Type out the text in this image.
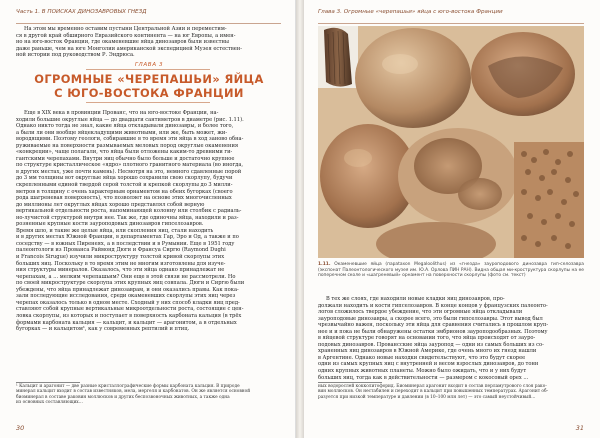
Часть 1. В ПОИСКАХ ДИНОЗАВРОВЫХ ГНЕЗД
На этом мы временно оставим пустыни Центральной Азии и переместим-
ся в другой край обширного Евразийского континента — на юг Европы, а имен-
но на юго-восток Франции, где окаменевшие яйца динозавров были известны
даже раньше, чем на юге Монголии американской экспедицией Музея естествен-
ной истории под руководством Р. Эндрюса.
ГЛАВА 3
ОГРОМНЫЕ «ЧЕРЕПАШЬИ» ЯЙЦА
С ЮГО-ВОСТОКА ФРАНЦИИ
Еще в XIX века в провинции Прованс, что на юго-востоке Франции, на-
ходили большие округлые яйца — до двадцати сантиметров в диаметре (рис. 1.11).
Однако никто тогда не знал, какие яйца откладывали динозавры, и более того,
а были ли они вообще яйцекладущими животными, или же, быть может, жи-
вородящими. Поэтому геологи, собиравшие в то время эти яйца в ход заново обна-
руживаемые на поверхности размываемых меловых пород округлые окаменения
«конкреции», чаще полагали, что яйца были отложены каким-то древними ги-
гантскими черепахами. Внутри яиц обычно было больше и достаточно крупное
по структуре кристаллическое «ядро» плотного гранитного материала (во иногда,
в других местах, уже почти камень). Несмотря на это, немного сдавленные порой
до 3 мм толщины вот округлые яйца хорошо сохранили свою скорлупу, будучи
скрепленными единой твердой серой толстой и крепкой скорлупы до 3 милли-
метров в толщину с очень характерным орнаментом на обеих бугорках (своего
рода шагреневая поверхность), что позволяет на основе этих многочисленных
до миллионы лет округлых яйцах хорошо представлял собой верную
вертикальной отдельности роста, напоминающей колонну или столбик с радиаль-
но-лучистой структурой внутри нее. Так же, где одиночны яйца, находили и раз-
розненные крупные кости зауроподовых динозавров гипселозавров.
Время шло, и такие же целые яйца, или скопления яиц, стали находить
и в других местах Южной Франции, в департаментах Гар, Эро и Од, а также и по
соседству — в южных Пиренеях, а в последствии и в Румынии. Еще в 1951 году
палеонтологи из Прованса Раймонд Дюги и Франсуа Сиргю (Raymond Dughi
и Francois Sirugue) изучили микроструктуру толстой кривой скорлупы этих
больших яиц. Поскольку в то время этим не многим изготовлены для изуче-
ния структуры минералов. Оказалось, что эти яйца однако принадлежат не
черепахам, а ... мелким черепашьим? Они еще в этой связи не рассмотрели. Но
по своей микроструктуре скорлупа этих крупных яиц совпала. Дюги и Сиргю были
убеждены, что яйца принадлежат динозаврам, и они оказались правы. Как пока-
зали последующие исследования, среди окаменевших скорлупы этих яиц через
черепах оказалось только в одном месте. Сходный у них способ кладки яиц пред-
ставляют собой крупные вертикальные микроотдельности роста, состоящие с цен-
ловка скорлупы, из которых и поступает в поверхность карбоната кальция (в трёх
формами карбоната кальция — кальцит, и кальцит — арагонитом, а в отдельных
бугорках — и кальцитом¹, как у современных рептилий и птиц.
¹ Кальцит и арагонит — две разные кристаллографические формы карбоната кальция. В природе
минерал кальцит входит в состав известняков, мела, мергеля и карбонатов. Он же является основной
биоминерал в составе раковин моллюсков и других беспозвоночных животных, а также одна
из основных составляющих...
30
Глава 3. Огромные «черепашьи» яйца с юго-востока Франции
1.11. Окаменевшие яйца (парataxon Megaloolithus) из «гнезда» зауроподового динозавра гип-селозавра (экспонат Палеонтологического музея им. Ю.А. Орлова ПИН РАН). Видна общая ми-кроструктура скорлупы на ее поперечном сколе и «шагреневый» орнамент на поверхности скорлупы (фото см. текст)
В тех же слоях, где находили новые кладки яиц динозавров, про-
должали находить и кости гипселозавров. В конце концов у французских палеонто-
логов сложилось твердое убеждение, что эти огромные яйца откладывали
зауроподовые динозавры, а скорее всего, это были гипселозавры. Этот вывод был
чрезвычайно важен, поскольку эти яйца для сравнения считались в прошлом круп-
нее и и пока не были обнаружены остатки эмбрионов зауроподообразных. Поэтому
в яйцевой структуре говорят на основании того, что яйца происходят от зауро-
подовых динозавров. Провансские яйца зауропод — одни из самых больших из со-
храненных яиц динозавров в Южной Америке, где очень много их гнезд нашли
в Аргентине. Однако новые находки свидетельствуют, что это будут скорее
одни из самых крупных яиц с внутренней и весом взрослых динозавров, до тонн
одних крупных животных планеты. Можно было ожидать, что и у них будут
больших яиц, тогда как в действительности — размером с кокосовый орех ...
ных водорослей кокколитофорид. Биоминерал арагонит входит в состав перламутрового слоя рако-
вин моллюсков. Он нестабилен и переходит в кальцит при повышенных температурах. Арагонит об-
разуется при низкой температуре и давлении (в 10–100 млн лет) — это самый неустойчивый...
31
